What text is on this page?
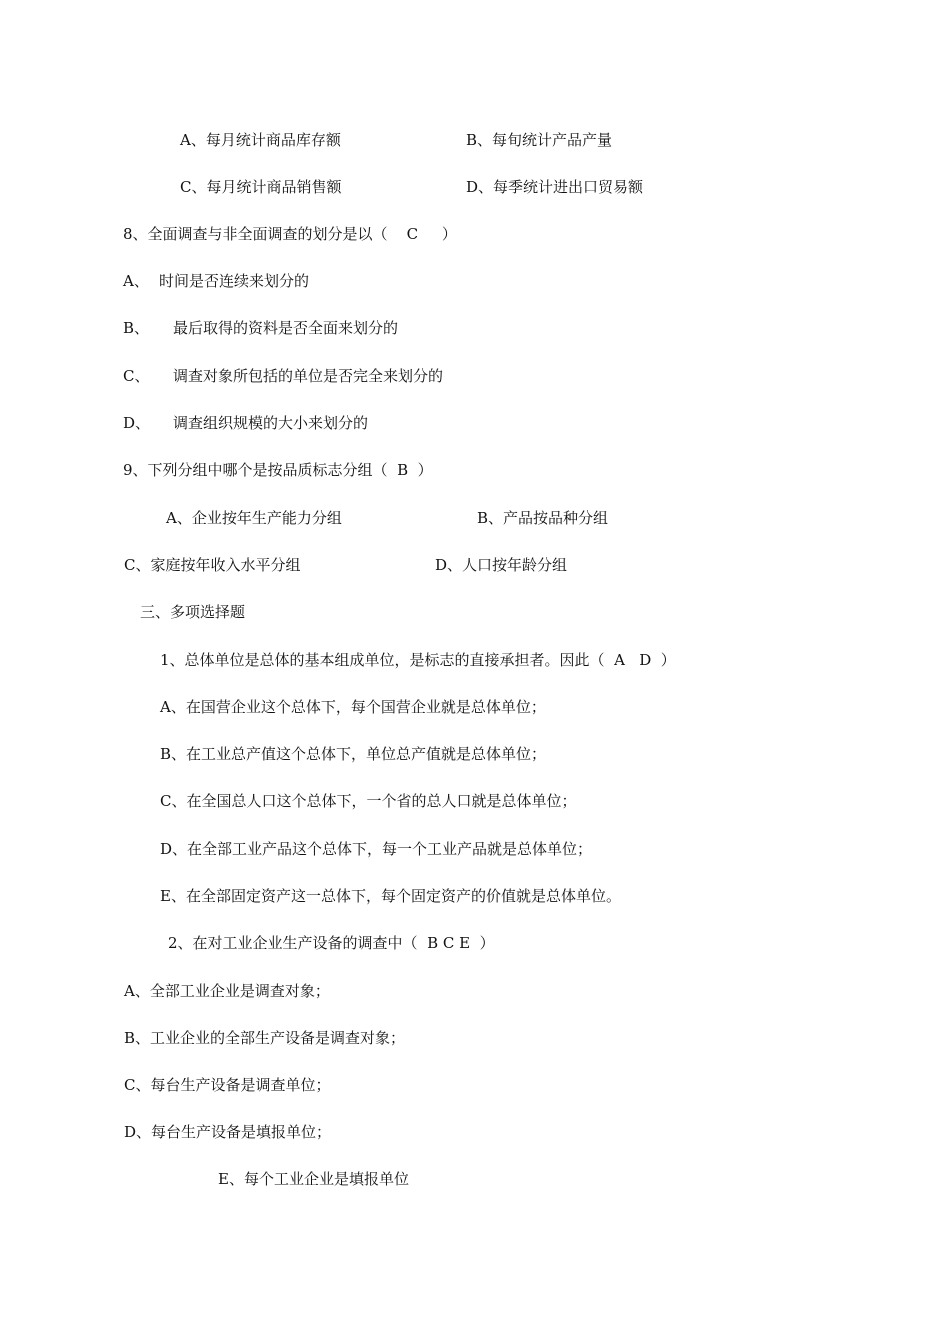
A、每月统计商品库存额	B、每旬统计产品产量
C、每月统计商品销售额	D、每季统计进出口贸易额
8、全面调查与非全面调查的划分是以（    C     ）
A、 时间是否连续来划分的
B、 最后取得的资料是否全面来划分的
C、 调查对象所包括的单位是否完全来划分的
D、 调查组织规模的大小来划分的
9、下列分组中哪个是按品质标志分组（  B  ）
A、企业按年生产能力分组	B、产品按品种分组
C、家庭按年收入水平分组	D、人口按年龄分组
三、多项选择题
1、总体单位是总体的基本组成单位，是标志的直接承担者。因此（  A   D  ）
A、在国营企业这个总体下，每个国营企业就是总体单位；
B、在工业总产值这个总体下，单位总产值就是总体单位；
C、在全国总人口这个总体下，一个省的总人口就是总体单位；
D、在全部工业产品这个总体下，每一个工业产品就是总体单位；
E、在全部固定资产这一总体下，每个固定资产的价值就是总体单位。
2、在对工业企业生产设备的调查中（  B C E  ）
A、全部工业企业是调查对象；
B、工业企业的全部生产设备是调查对象；
C、每台生产设备是调查单位；
D、每台生产设备是填报单位；
E、每个工业企业是填报单位
